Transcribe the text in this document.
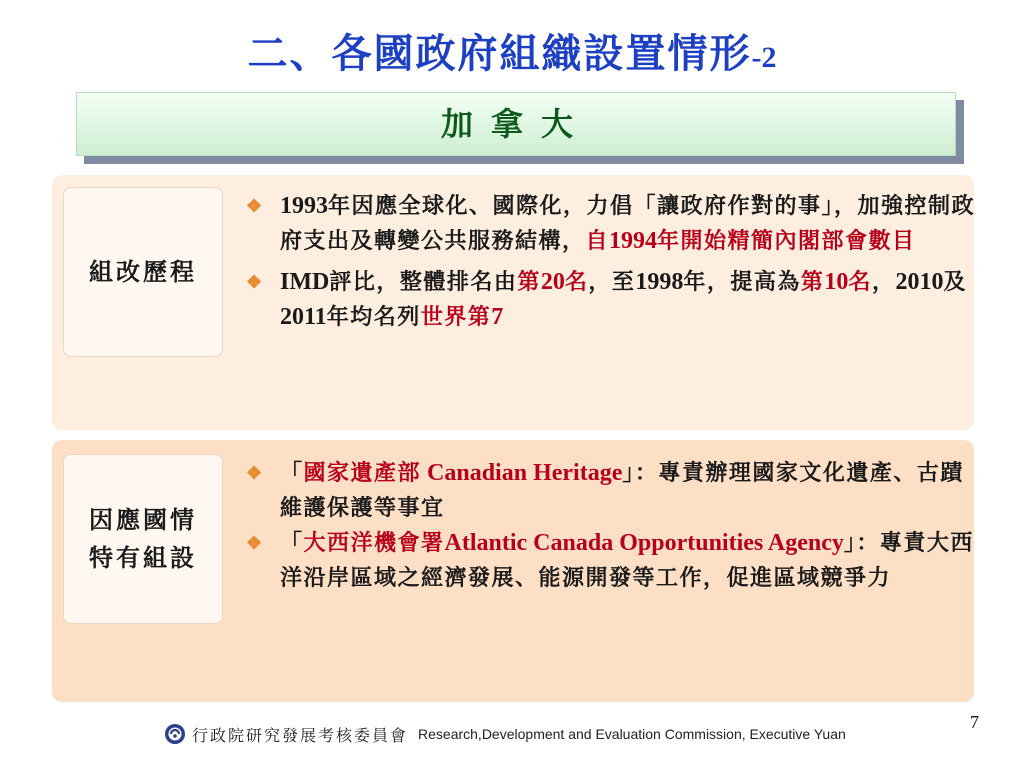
二、各國政府組織設置情形-2
加拿大
組改歷程
❖ 1993年因應全球化、國際化，力倡「讓政府作對的事」，加強控制政府支出及轉變公共服務結構，自1994年開始精簡內閣部會數目
❖ IMD評比，整體排名由第20名，至1998年，提高為第10名，2010及2011年均名列世界第7
因應國情
特有組設
❖ 「國家遺產部 Canadian Heritage」：專責辦理國家文化遺產、古蹟維護保護等事宜
❖ 「大西洋機會署Atlantic Canada Opportunities Agency」：專責大西洋沿岸區域之經濟發展、能源開發等工作，促進區域競爭力
7
行政院研究發展考核委員會 Research,Development and Evaluation Commission, Executive Yuan
